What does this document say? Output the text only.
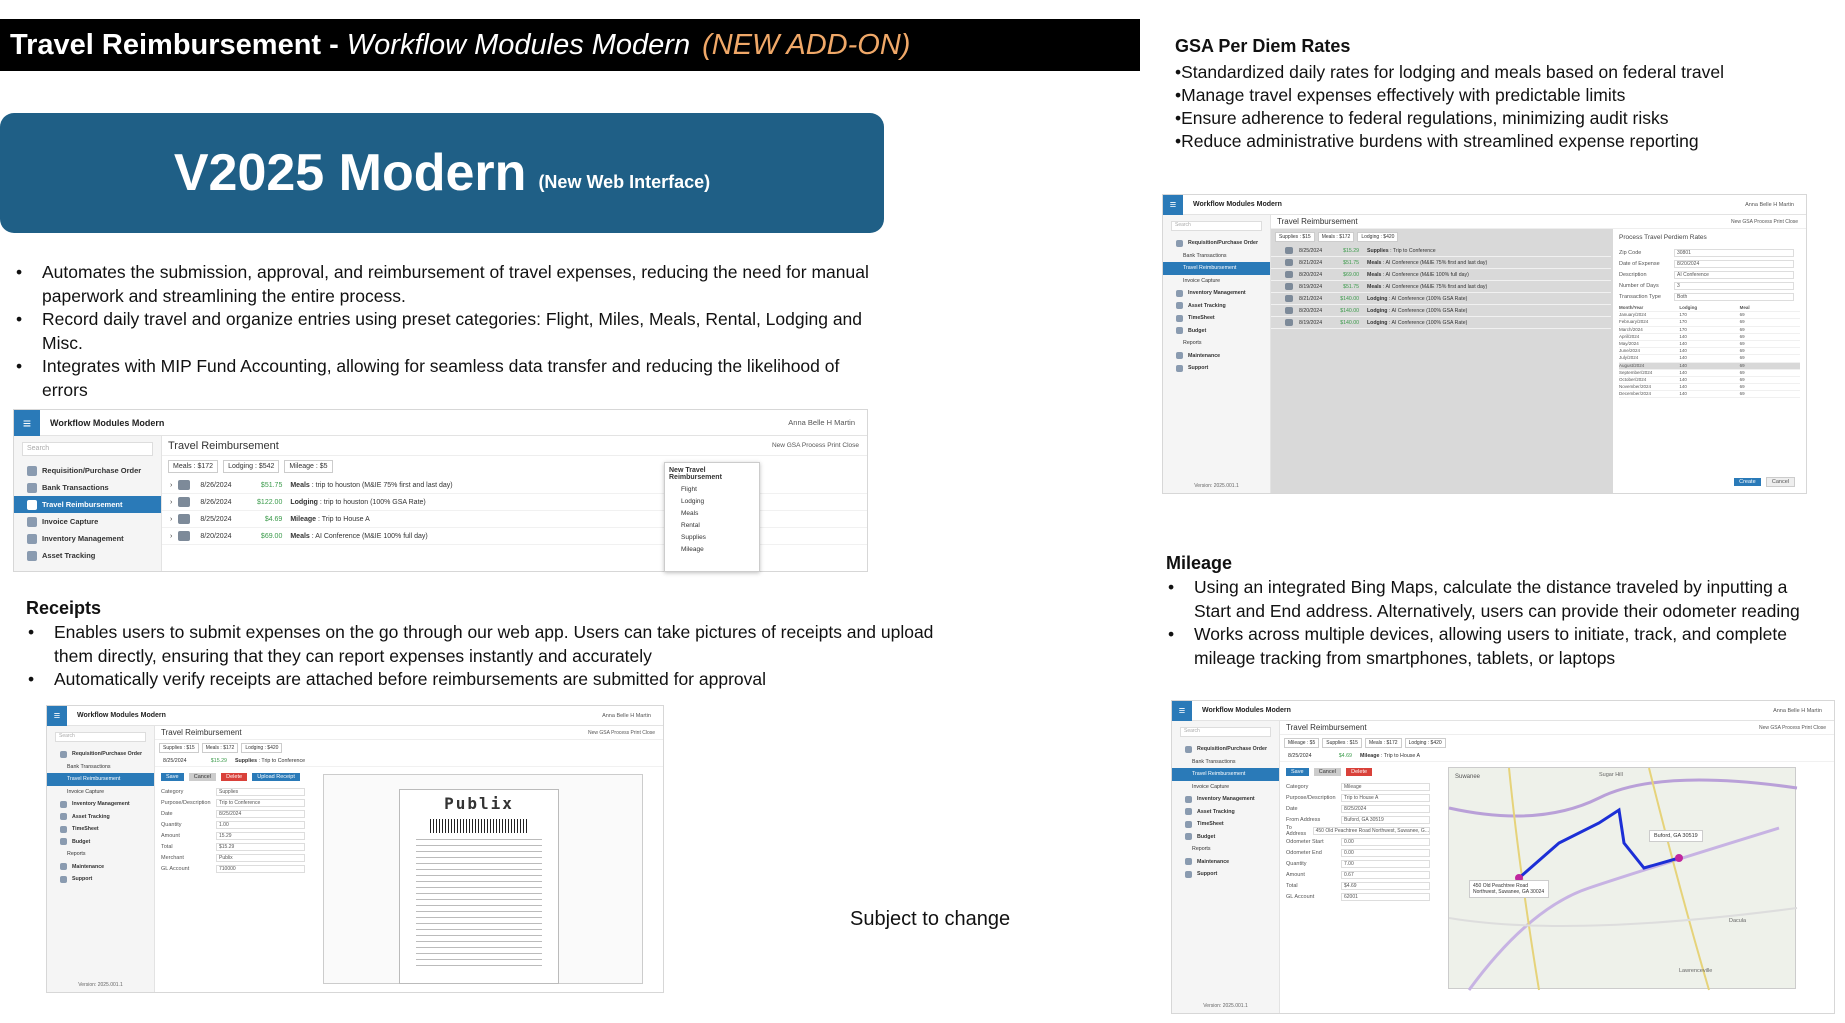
Travel Reimbursement - Workflow Modules Modern (NEW ADD-ON)
V2025 Modern (New Web Interface)
• Automates the submission, approval, and reimbursement of travel expenses, reducing the need for manual paperwork and streamlining the entire process.
• Record daily travel and organize entries using preset categories: Flight, Miles, Meals, Rental, Lodging and Misc.
• Integrates with MIP Fund Accounting, allowing for seamless data transfer and reducing the likelihood of errors
GSA Per Diem Rates
•Standardized daily rates for lodging and meals based on federal travel
•Manage travel expenses effectively with predictable limits
•Ensure adherence to federal regulations, minimizing audit risks
•Reduce administrative burdens with streamlined expense reporting
Receipts
• Enables users to submit expenses on the go through our web app. Users can take pictures of receipts and upload them directly, ensuring that they can report expenses instantly and accurately
• Automatically verify receipts are attached before reimbursements are submitted for approval
Mileage
• Using an integrated Bing Maps, calculate the distance traveled by inputting a Start and End address. Alternatively, users can provide their odometer reading
• Works across multiple devices, allowing users to initiate, track, and complete mileage tracking from smartphones, tablets, or laptops
Subject to change
≡	Workflow Modules Modern	Anna Belle H Martin
Search
Requisition/Purchase Order
Bank Transactions
Travel Reimbursement
Invoice Capture
Inventory Management
Asset Tracking
Travel Reimbursement	New GSA Process Print Close
Meals : $172	Lodging : $542	Mileage : $5
›	8/26/2024	$51.75 Meals
: trip to houston (M&IE 75% first and last day)
›	8/26/2024	$122.00 Lodging
: trip to houston (100% GSA Rate)
›	8/25/2024	$4.69 Mileage
: Trip to House A
›	8/20/2024	$69.00 Meals
: AI Conference (M&IE 100% full day)
New Travel Reimbursement
Flight
Lodging
Meals
Rental
Supplies
Mileage
≡	Workflow Modules Modern	Anna Belle H Martin
Search
Requisition/Purchase Order
Bank Transactions
Travel Reimbursement
Invoice Capture
Inventory Management
Asset Tracking
TimeSheet
Budget
Reports
Maintenance
Support
Version: 2025.001.1
Travel Reimbursement	New GSA Process Print Close
Supplies : $15	Meals : $172	Lodging : $420
8/25/2024	$15.29 Supplies
: Trip to Conference
8/21/2024	$51.75 Meals
: AI Conference (M&IE 75% first and last day)
8/20/2024	$69.00 Meals
: AI Conference (M&IE 100% full day)
8/19/2024	$51.75 Meals
: AI Conference (M&IE 75% first and last day)
8/21/2024	$140.00 Lodging
: AI Conference (100% GSA Rate)
8/20/2024	$140.00 Lodging
: AI Conference (100% GSA Rate)
8/19/2024	$140.00 Lodging
: AI Conference (100% GSA Rate)
Process Travel Perdiem Rates
Zip Code	30801
Date of Expense	8/20/2024
Description	AI Conference
Number of Days	3
Transaction Type	Both
Month/Year	Lodging	Meal
January/2024	170	69
February/2024	170	69
March/2024	170	69
April/2024	140	69
May/2024	140	69
June/2024	140	69
July/2024	140	69
August/2024	140	69
September/2024	140	69
October/2024	140	69
November/2024	140	69
December/2024	140	69
Create	Cancel
≡	Workflow Modules Modern	Anna Belle H Martin
Search
Requisition/Purchase Order
Bank Transactions
Travel Reimbursement
Invoice Capture
Inventory Management
Asset Tracking
TimeSheet
Budget
Reports
Maintenance
Support
Version: 2025.001.1
Travel Reimbursement	New GSA Process Print Close
Supplies : $15	Meals : $172	Lodging : $420
8/25/2024	$15.29 Supplies
: Trip to Conference
Save	Cancel	Delete	Upload Receipt
Category	Supplies
Purpose/Description	Trip to Conference
Date	8/25/2024
Quantity	1.00
Amount	15.29
Total	$15.29
Merchant	Publix
GL Account	710000
Publix
≡	Workflow Modules Modern	Anna Belle H Martin
Search
Requisition/Purchase Order
Bank Transactions
Travel Reimbursement
Invoice Capture
Inventory Management
Asset Tracking
TimeSheet
Budget
Reports
Maintenance
Support
Version: 2025.001.1
Travel Reimbursement	New GSA Process Print Close
Mileage : $5	Supplies : $15	Meals : $172	Lodging : $420
8/25/2024	$4.69 Mileage
: Trip to House A
Save	Cancel	Delete
Category	Mileage
Purpose/Description	Trip to House A
Date	8/25/2024
From Address	Buford, GA 30519
To Address	450 Old Peachtree Road Northwest, Suwanee, G...
Odometer Start	0.00
Odometer End	0.00
Quantity	7.00
Amount	0.67
Total	$4.69
GL Account	62001
Suwanee
Buford, GA 30519
450 Old Peachtree Road Northwest, Suwanee, GA 30024
Sugar Hill
Dacula
Lawrenceville
